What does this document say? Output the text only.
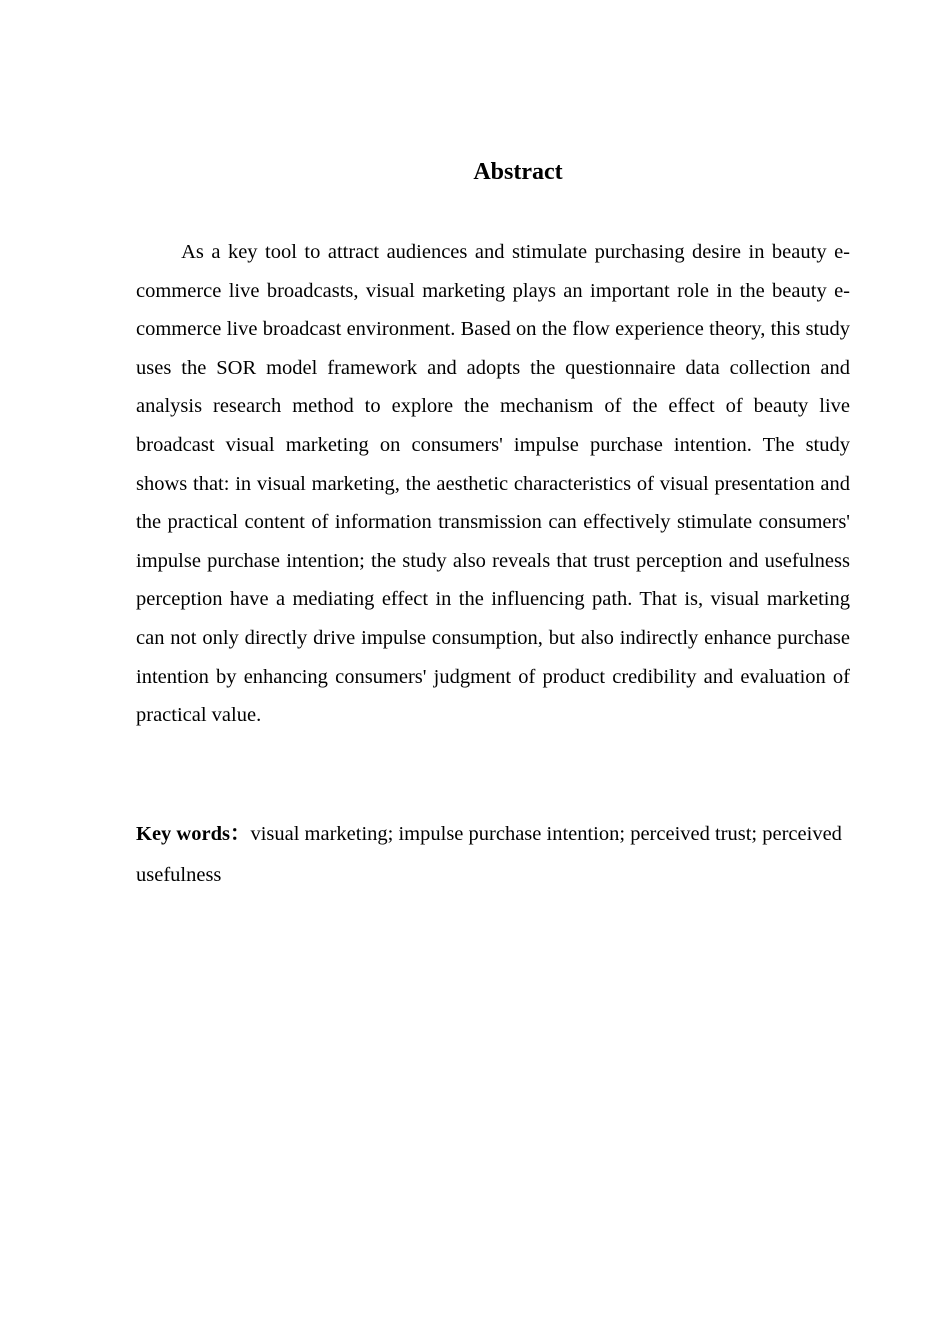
Abstract

As a key tool to attract audiences and stimulate purchasing desire in beauty e-commerce live broadcasts, visual marketing plays an important role in the beauty e-commerce live broadcast environment. Based on the flow experience theory, this study uses the SOR model framework and adopts the questionnaire data collection and analysis research method to explore the mechanism of the effect of beauty live broadcast visual marketing on consumers' impulse purchase intention. The study shows that: in visual marketing, the aesthetic characteristics of visual presentation and the practical content of information transmission can effectively stimulate consumers' impulse purchase intention; the study also reveals that trust perception and usefulness perception have a mediating effect in the influencing path. That is, visual marketing can not only directly drive impulse consumption, but also indirectly enhance purchase intention by enhancing consumers' judgment of product credibility and evaluation of practical value.

Key words：visual marketing; impulse purchase intention; perceived trust; perceived usefulness
